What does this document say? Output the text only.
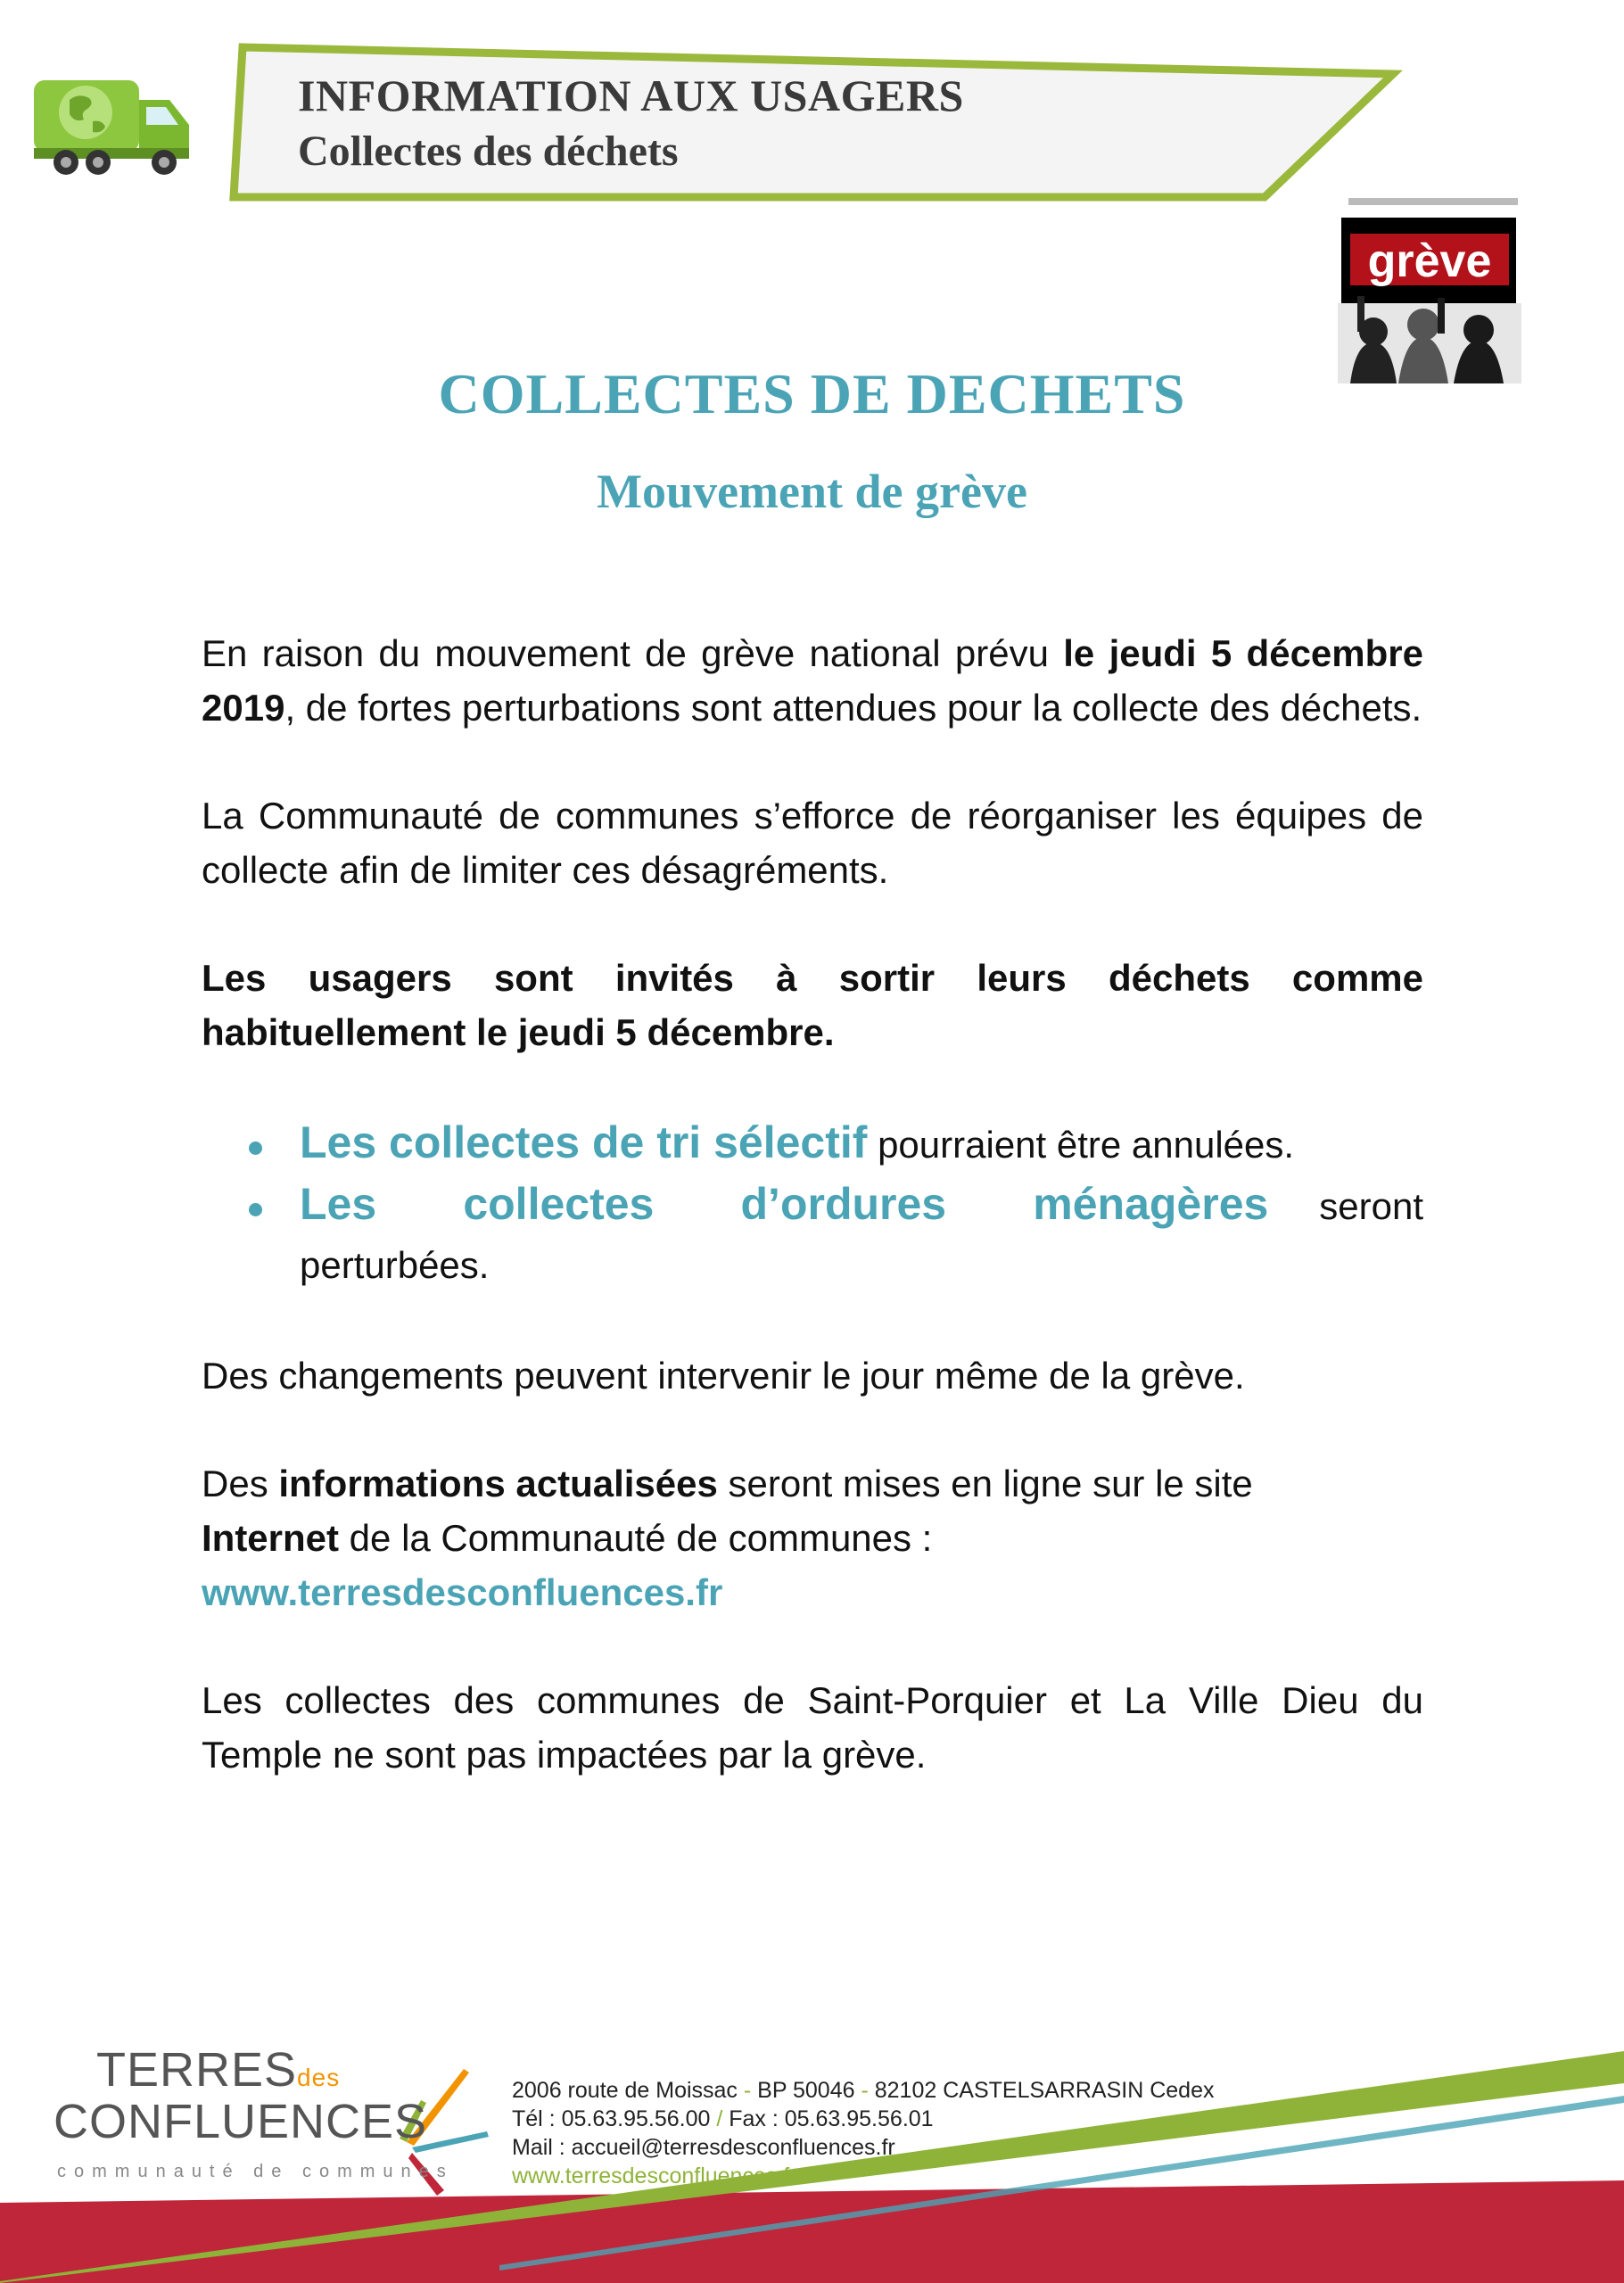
INFORMATION AUX USAGERS
Collectes des déchets
grève
COLLECTES DE DECHETS
Mouvement de grève

En raison du mouvement de grève national prévu le jeudi 5 décembre 2019, de fortes perturbations sont attendues pour la collecte des déchets.

La Communauté de communes s’efforce de réorganiser les équipes de collecte afin de limiter ces désagréments.

Les usagers sont invités à sortir leurs déchets comme habituellement le jeudi 5 décembre.

Les collectes de tri sélectif pourraient être annulées.
Les collectes d’ordures ménagères seront perturbées.

Des changements peuvent intervenir le jour même de la grève.

Des informations actualisées seront mises en ligne sur le site
Internet de la Communauté de communes :
www.terresdesconfluences.fr

Les collectes des communes de Saint-Porquier et La Ville Dieu du Temple ne sont pas impactées par la grève.

TERRESdes
CONFLUENCES
communauté de communes
2006 route de Moissac - BP 50046 - 82102 CASTELSARRASIN Cedex
Tél : 05.63.95.56.00 / Fax : 05.63.95.56.01
Mail : accueil@terresdesconfluences.fr
www.terresdesconfluences.fr
